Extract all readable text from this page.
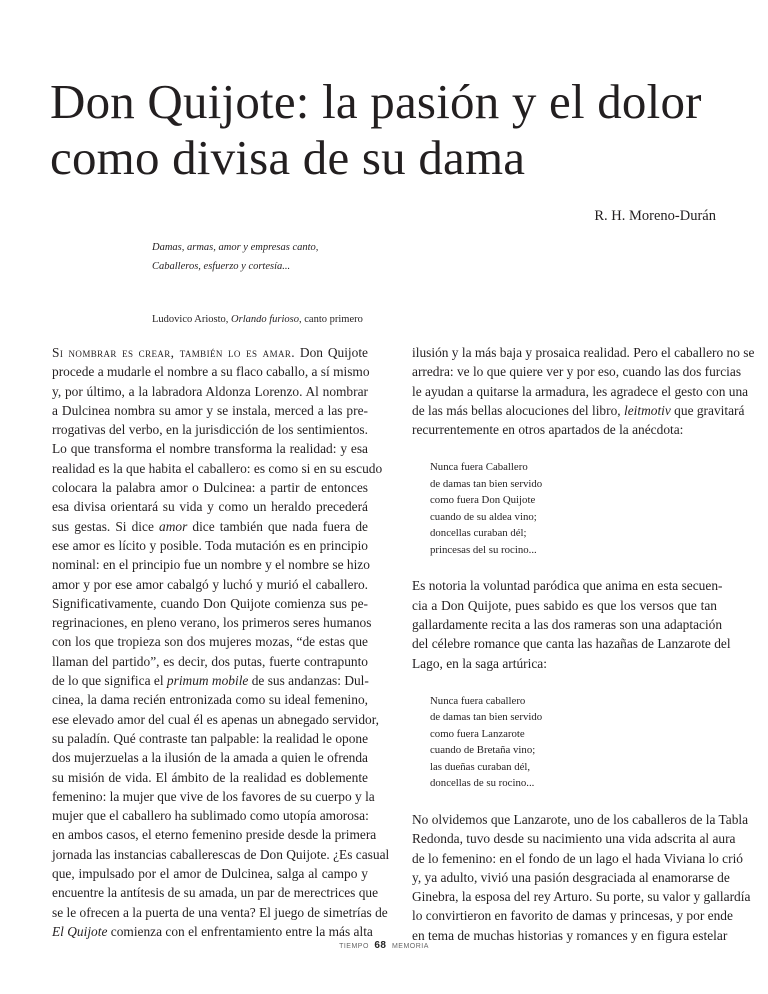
Don Quijote: la pasión y el dolor
como divisa de su dama
R. H. Moreno-Durán
Damas, armas, amor y empresas canto,
Caballeros, esfuerzo y cortesía...
Ludovico Ariosto, Orlando furioso, canto primero
Si nombrar es crear, también lo es amar. Don Quijote
procede a mudarle el nombre a su flaco caballo, a sí mismo
y, por último, a la labradora Aldonza Lorenzo. Al nombrar
a Dulcinea nombra su amor y se instala, merced a las pre-
rrogativas del verbo, en la jurisdicción de los sentimientos.
Lo que transforma el nombre transforma la realidad: y esa
realidad es la que habita el caballero: es como si en su escudo
colocara la palabra amor o Dulcinea: a partir de entonces
esa divisa orientará su vida y como un heraldo precederá
sus gestas. Si dice amor dice también que nada fuera de
ese amor es lícito y posible. Toda mutación es en principio
nominal: en el principio fue un nombre y el nombre se hizo
amor y por ese amor cabalgó y luchó y murió el caballero.
Significativamente, cuando Don Quijote comienza sus pe-
regrinaciones, en pleno verano, los primeros seres humanos
con los que tropieza son dos mujeres mozas, “de estas que
llaman del partido”, es decir, dos putas, fuerte contrapunto
de lo que significa el primum mobile de sus andanzas: Dul-
cinea, la dama recién entronizada como su ideal femenino,
ese elevado amor del cual él es apenas un abnegado servidor,
su paladín. Qué contraste tan palpable: la realidad le opone
dos mujerzuelas a la ilusión de la amada a quien le ofrenda
su misión de vida. El ámbito de la realidad es doblemente
femenino: la mujer que vive de los favores de su cuerpo y la
mujer que el caballero ha sublimado como utopía amorosa:
en ambos casos, el eterno femenino preside desde la primera
jornada las instancias caballerescas de Don Quijote. ¿Es casual
que, impulsado por el amor de Dulcinea, salga al campo y
encuentre la antítesis de su amada, un par de merectrices que
se le ofrecen a la puerta de una venta? El juego de simetrías de
El Quijote comienza con el enfrentamiento entre la más alta
ilusión y la más baja y prosaica realidad. Pero el caballero no se
arredra: ve lo que quiere ver y por eso, cuando las dos furcias
le ayudan a quitarse la armadura, les agradece el gesto con una
de las más bellas alocuciones del libro, leitmotiv que gravitará
recurrentemente en otros apartados de la anécdota:
Nunca fuera Caballero
de damas tan bien servido
como fuera Don Quijote
cuando de su aldea vino;
doncellas curaban dél;
princesas del su rocino...
Es notoria la voluntad paródica que anima en esta secuen-
cia a Don Quijote, pues sabido es que los versos que tan
gallardamente recita a las dos rameras son una adaptación
del célebre romance que canta las hazañas de Lanzarote del
Lago, en la saga artúrica:
Nunca fuera caballero
de damas tan bien servido
como fuera Lanzarote
cuando de Bretaña vino;
las dueñas curaban dél,
doncellas de su rocino...
No olvidemos que Lanzarote, uno de los caballeros de la Tabla
Redonda, tuvo desde su nacimiento una vida adscrita al aura
de lo femenino: en el fondo de un lago el hada Viviana lo crió
y, ya adulto, vivió una pasión desgraciada al enamorarse de
Ginebra, la esposa del rey Arturo. Su porte, su valor y gallardía
lo convirtieron en favorito de damas y princesas, y por ende
en tema de muchas historias y romances y en figura estelar
TIEMPO 68 MEMORIA
